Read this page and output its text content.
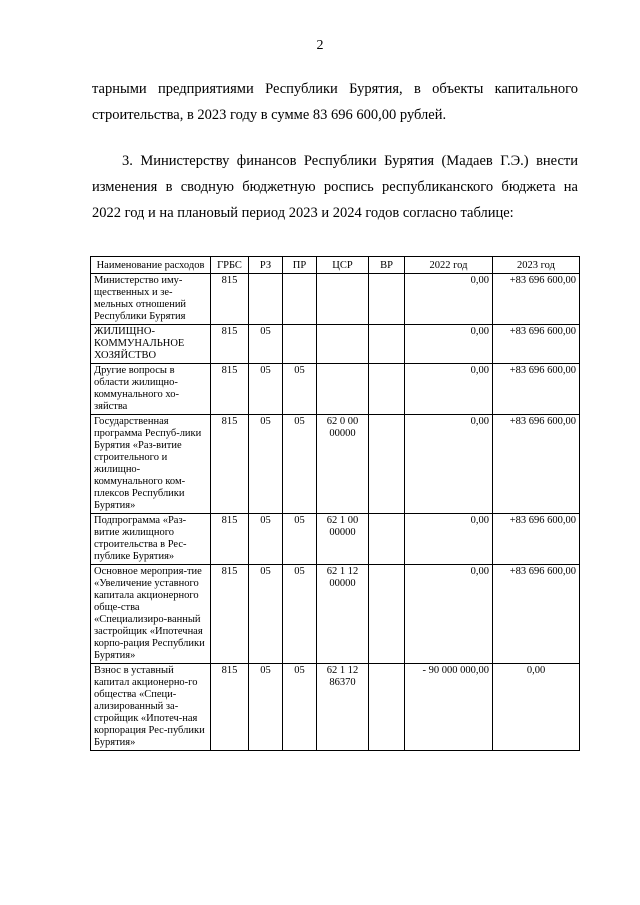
2
тарными предприятиями Республики Бурятия, в объекты капитального
строительства, в 2023 году в сумме 83 696 600,00 рублей.
3. Министерству финансов Республики Бурятия (Мадаев Г.Э.) внести
изменения в сводную бюджетную роспись республиканского бюджета на
2022 год и на плановый период 2023 и 2024 годов согласно таблице:
Наименование расходов	ГРБС	РЗ	ПР	ЦСР	ВР	2022 год	2023 год
Министерство иму-щественных и зе-мельных отношений Республики Бурятия	815					0,00	+83 696 600,00
ЖИЛИЩНО-КОММУНАЛЬНОЕ ХОЗЯЙСТВО	815	05				0,00	+83 696 600,00
Другие вопросы в области жилищно-коммунального хо-зяйства	815	05	05			0,00	+83 696 600,00
Государственная программа Респуб-лики Бурятия «Раз-витие строительного и жилищно-коммунального ком-плексов Республики Бурятия»	815	05	05	62 0 00 00000		0,00	+83 696 600,00
Подпрограмма «Раз-витие жилищного строительства в Рес-публике Бурятия»	815	05	05	62 1 00 00000		0,00	+83 696 600,00
Основное мероприя-тие «Увеличение уставного капитала акционерного обще-ства «Специализиро-ванный застройщик «Ипотечная корпо-рация Республики Бурятия»	815	05	05	62 1 12 00000		0,00	+83 696 600,00
Взнос в уставный капитал акционерно-го общества «Специ-ализированный за-стройщик «Ипотеч-ная корпорация Рес-публики Бурятия»	815	05	05	62 1 12 86370		- 90 000 000,00	0,00
